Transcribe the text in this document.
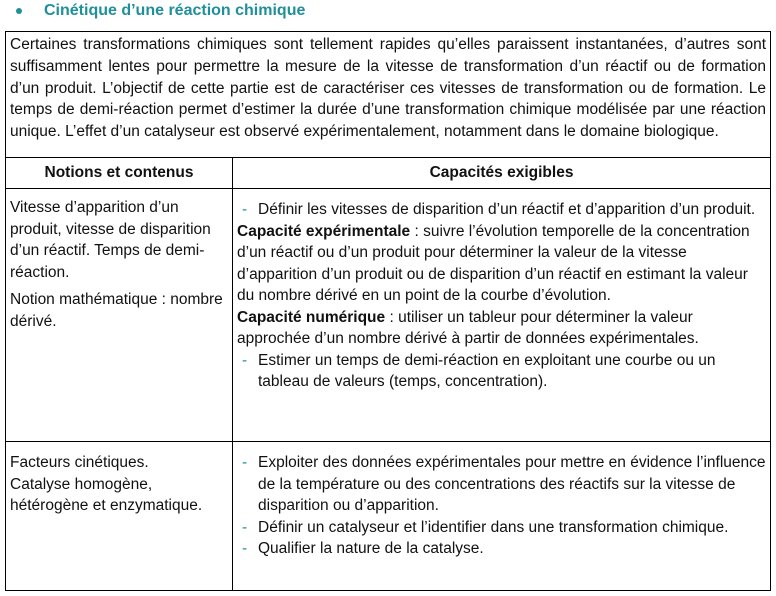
Cinétique d’une réaction chimique
Certaines transformations chimiques sont tellement rapides qu’elles paraissent instantanées, d’autres sont suffisamment lentes pour permettre la mesure de la vitesse de transformation d’un réactif ou de formation d’un produit. L’objectif de cette partie est de caractériser ces vitesses de transformation ou de formation. Le temps de demi-réaction permet d’estimer la durée d’une transformation chimique modélisée par une réaction unique. L’effet d’un catalyseur est observé expérimentalement, notamment dans le domaine biologique.
Notions et contenus	Capacités exigibles

Vitesse d’apparition d’un produit, vitesse de disparition d’un réactif. Temps de demi-réaction.

Notion mathématique : nombre dérivé.

- Définir les vitesses de disparition d’un réactif et d’apparition d’un produit.

Capacité expérimentale : suivre l’évolution temporelle de la concentration d’un réactif ou d’un produit pour déterminer la valeur de la vitesse d’apparition d’un produit ou de disparition d’un réactif en estimant la valeur du nombre dérivé en un point de la courbe d’évolution.

Capacité numérique : utiliser un tableur pour déterminer la valeur approchée d’un nombre dérivé à partir de données expérimentales.

- Estimer un temps de demi-réaction en exploitant une courbe ou un tableau de valeurs (temps, concentration).

Facteurs cinétiques.

Catalyse homogène, hétérogène et enzymatique.

- Exploiter des données expérimentales pour mettre en évidence l’influence de la température ou des concentrations des réactifs sur la vitesse de disparition ou d’apparition.

- Définir un catalyseur et l’identifier dans une transformation chimique.

- Qualifier la nature de la catalyse.
